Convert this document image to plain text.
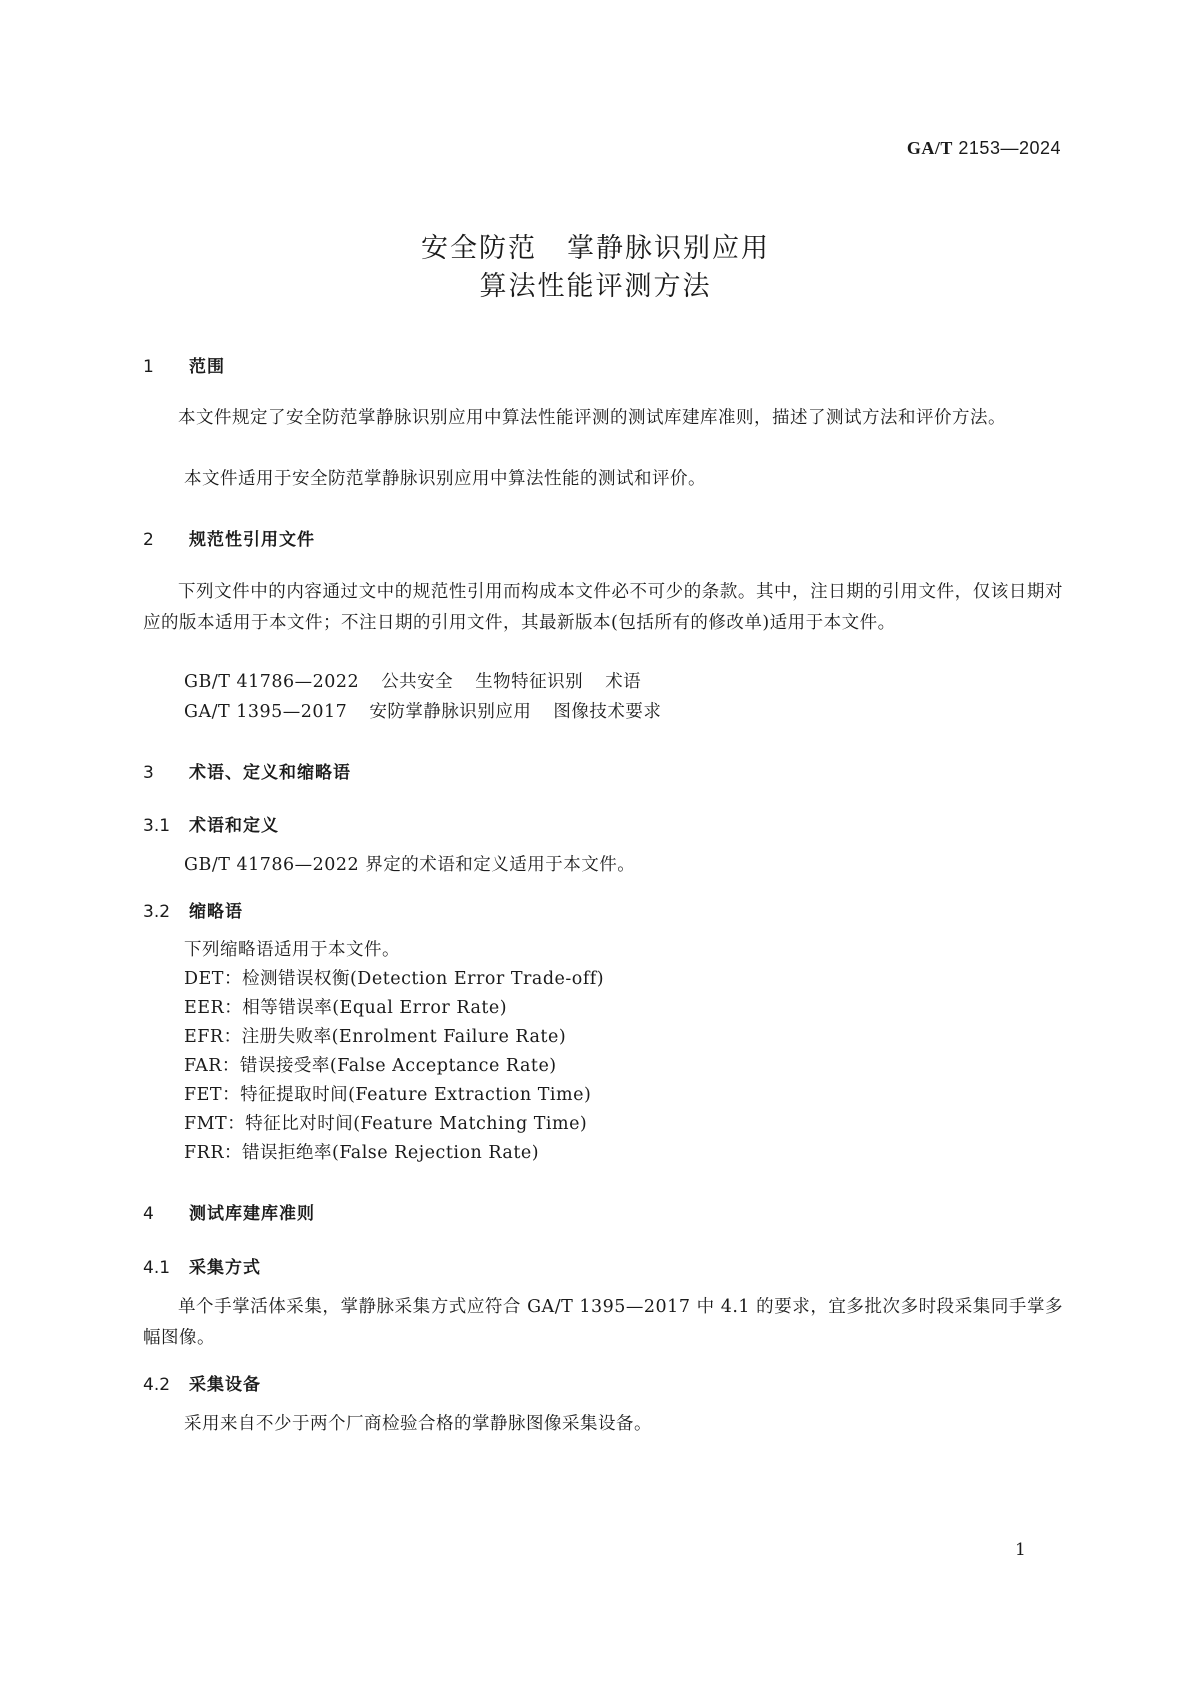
GA/T 2153—2024
安全防范 掌静脉识别应用
算法性能评测方法
1 范围
本文件规定了安全防范掌静脉识别应用中算法性能评测的测试库建库准则，描述了测试方法和评价方法。
本文件适用于安全防范掌静脉识别应用中算法性能的测试和评价。
2 规范性引用文件
下列文件中的内容通过文中的规范性引用而构成本文件必不可少的条款。其中，注日期的引用文件，仅该日期对应的版本适用于本文件；不注日期的引用文件，其最新版本(包括所有的修改单)适用于本文件。
GB/T 41786—2022 公共安全 生物特征识别 术语
GA/T 1395—2017 安防掌静脉识别应用 图像技术要求
3 术语、定义和缩略语
3.1 术语和定义
GB/T 41786—2022 界定的术语和定义适用于本文件。
3.2 缩略语
下列缩略语适用于本文件。
DET：检测错误权衡(Detection Error Trade-off)
EER：相等错误率(Equal Error Rate)
EFR：注册失败率(Enrolment Failure Rate)
FAR：错误接受率(False Acceptance Rate)
FET：特征提取时间(Feature Extraction Time)
FMT：特征比对时间(Feature Matching Time)
FRR：错误拒绝率(False Rejection Rate)
4 测试库建库准则
4.1 采集方式
单个手掌活体采集，掌静脉采集方式应符合 GA/T 1395—2017 中 4.1 的要求，宜多批次多时段采集同手掌多幅图像。
4.2 采集设备
采用来自不少于两个厂商检验合格的掌静脉图像采集设备。
1
